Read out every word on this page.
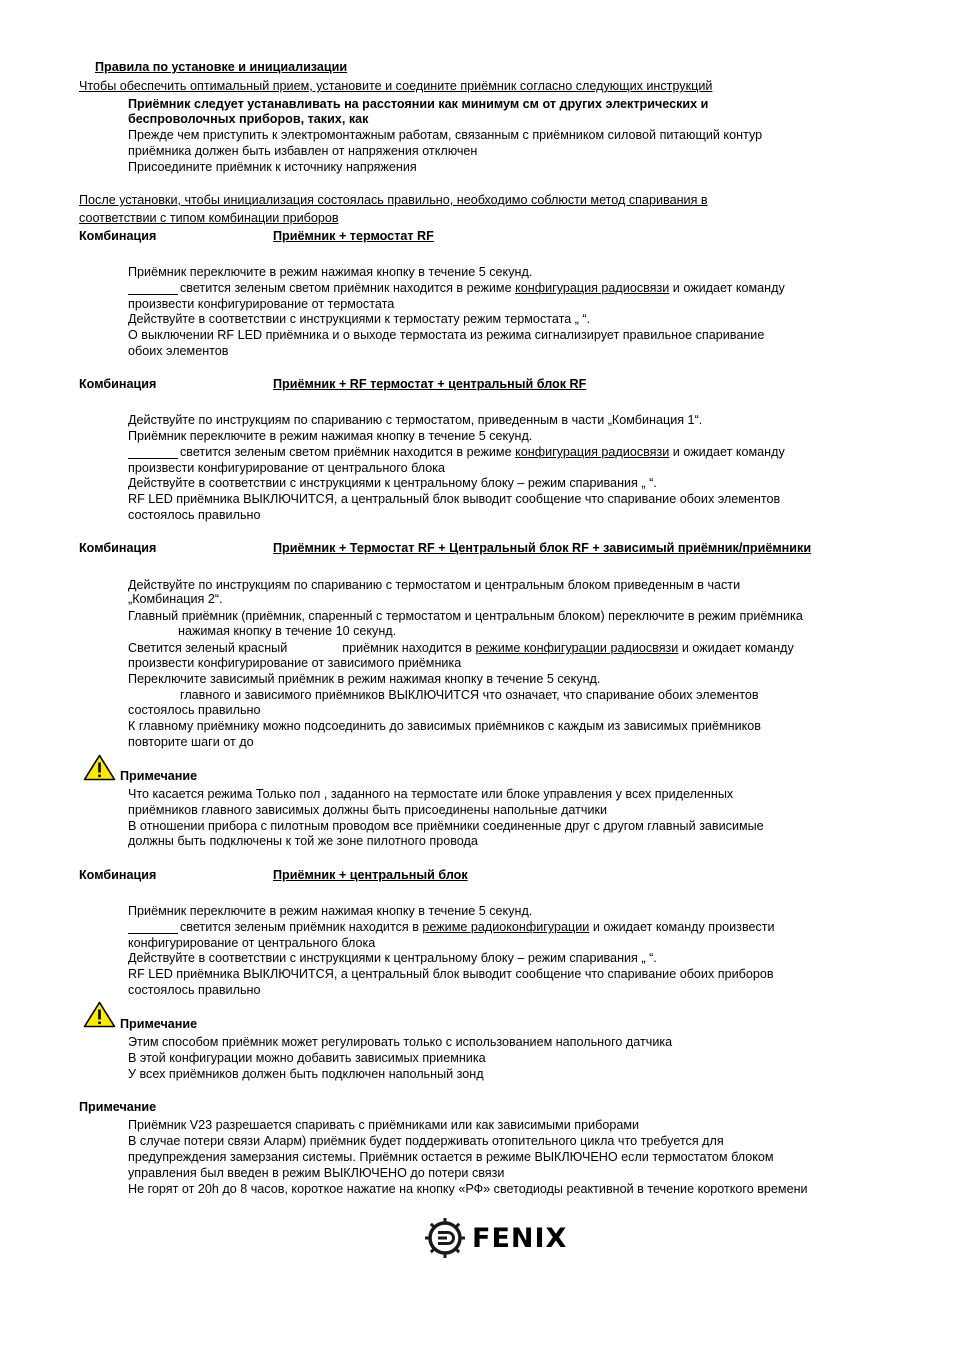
Правила по установке и инициализации
Чтобы обеспечить оптимальный прием, установите и соедините приёмник согласно следующих инструкций
Приёмник следует устанавливать на расстоянии как минимум см от других электрических и
беспроволочных приборов, таких, как
Прежде чем приступить к электромонтажным работам, связанным с приёмником силовой питающий контур
приёмника должен быть избавлен от напряжения отключен
Присоедините приёмник к источнику напряжения
После установки, чтобы инициализация состоялась правильно, необходимо соблюсти метод спаривания в
соответствии с типом комбинации приборов
Комбинация	Приёмник + термостат RF
Приёмник переключите в режим нажимая кнопку в течение 5 секунд.
светится зеленым светом приёмник находится в режиме конфигурация радиосвязи и ожидает команду
произвести конфигурирование от термостата
Действуйте в соответствии с инструкциями к термостату режим термостата „ “.
О выключении RF LED приёмника и о выходе термостата из режима сигнализирует правильное спаривание
обоих элементов
Комбинация	Приёмник + RF термостат + центральный блок RF
Действуйте по инструкциям по спариванию с термостатом, приведенным в части „Комбинация 1“.
Приёмник переключите в режим нажимая кнопку в течение 5 секунд.
светится зеленым светом приёмник находится в режиме конфигурация радиосвязи и ожидает команду
произвести конфигурирование от центрального блока
Действуйте в соответствии с инструкциями к центральному блоку – режим спаривания „ “.
RF LED приёмника ВЫКЛЮЧИТСЯ, а центральный блок выводит сообщение что спаривание обоих элементов
состоялось правильно
Комбинация	Приёмник + Термостат RF + Центральный блок RF + зависимый приёмник/приёмники
Действуйте по инструкциям по спариванию с термостатом и центральным блоком приведенным в части
„Комбинация 2“.
Главный приёмник (приёмник, спаренный с термостатом и центральным блоком) переключите в режим приёмника
нажимая кнопку в течение 10 секунд.
Светится зеленый красный	приёмник находится в режиме конфигурации радиосвязи и ожидает команду
произвести конфигурирование от зависимого приёмника
Переключите зависимый приёмник в режим нажимая кнопку в течение 5 секунд.
главного и зависимого приёмников ВЫКЛЮЧИТСЯ что означает, что спаривание обоих элементов
состоялось правильно
К главному приёмнику можно подсоединить до зависимых приёмников с каждым из зависимых приёмников
повторите шаги от до
Примечание
Что касается режима Только пол , заданного на термостате или блоке управления у всех приделенных
приёмников главного зависимых должны быть присоединены напольные датчики
В отношении прибора с пилотным проводом все приёмники соединенные друг с другом главный зависимые
должны быть подключены к той же зоне пилотного провода
Комбинация	Приёмник + центральный блок
Приёмник переключите в режим нажимая кнопку в течение 5 секунд.
светится зеленым приёмник находится в режиме радиоконфигурации и ожидает команду произвести
конфигурирование от центрального блока
Действуйте в соответствии с инструкциями к центральному блоку – режим спаривания „ “.
RF LED приёмника ВЫКЛЮЧИТСЯ, а центральный блок выводит сообщение что спаривание обоих приборов
состоялось правильно
Примечание
Этим способом приёмник может регулировать только с использованием напольного датчика
В этой конфигурации можно добавить зависимых приемника
У всех приёмников должен быть подключен напольный зонд
Примечание
Приёмник V23 разрешается спаривать с приёмниками или как зависимыми приборами
В случае потери связи Аларм) приёмник будет поддерживать отопительного цикла что требуется для
предупреждения замерзания системы. Приёмник остается в режиме ВЫКЛЮЧЕНО если термостатом блоком
управления был введен в режим ВЫКЛЮЧЕНО до потери связи
Не горят от 20h до 8 часов, короткое нажатие на кнопку «РФ» светодиоды реактивной в течение короткого времени
FENIX
